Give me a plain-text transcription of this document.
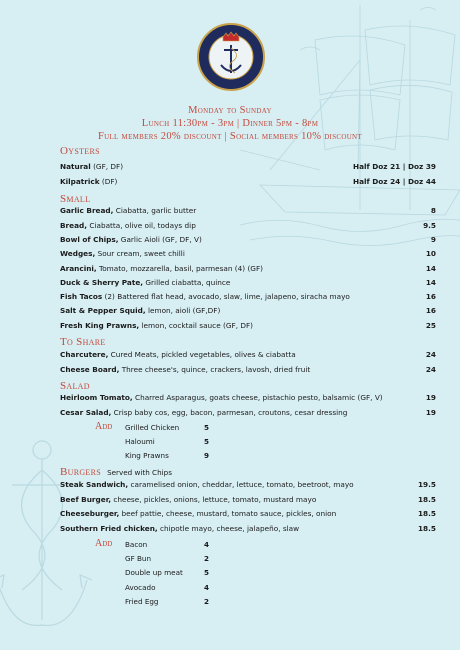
Monday to Sunday
Lunch 11:30pm - 3pm | Dinner 5pm - 8pm
Full members 20% discount | Social members 10% discount
Oysters
Natural (GF, DF)	Half Doz 21 | Doz 39
Kilpatrick (DF)	Half Doz 24 | Doz 44
Small
Garlic Bread, Ciabatta, garlic butter	8
Bread, Ciabatta, olive oil, todays dip	9.5
Bowl of Chips, Garlic Aioli (GF, DF, V)	9
Wedges, Sour cream, sweet chilli	10
Arancini, Tomato, mozzarella, basil, parmesan (4) (GF)	14
Duck & Sherry Pate, Grilled ciabatta, quince	14
Fish Tacos (2) Battered flat head, avocado, slaw, lime, jalapeno, siracha mayo	16
Salt & Pepper Squid, lemon, aioli (GF,DF)	16
Fresh King Prawns, lemon, cocktail sauce (GF, DF)	25
To Share
Charcutere, Cured Meats, pickled vegetables, olives & ciabatta	24
Cheese Board, Three cheese's, quince, crackers, lavosh, dried fruit	24
Salad
Heirloom Tomato, Charred Asparagus, goats cheese, pistachio pesto, balsamic (GF, V)	19
Cesar Salad, Crisp baby cos, egg, bacon, parmesan, croutons, cesar dressing	19
Add Grilled Chicken	5
Haloumi	5
King Prawns	9
Burgers Served with Chips
Steak Sandwich, caramelised onion, cheddar, lettuce, tomato, beetroot, mayo	19.5
Beef Burger, cheese, pickles, onions, lettuce, tomato, mustard mayo	18.5
Cheeseburger, beef pattie, cheese, mustard, tomato sauce, pickles, onion	18.5
Southern Fried chicken, chipotle mayo, cheese, jalapeño, slaw	18.5
Add Bacon	4
GF Bun	2
Double up meat	5
Avocado	4
Fried Egg	2
